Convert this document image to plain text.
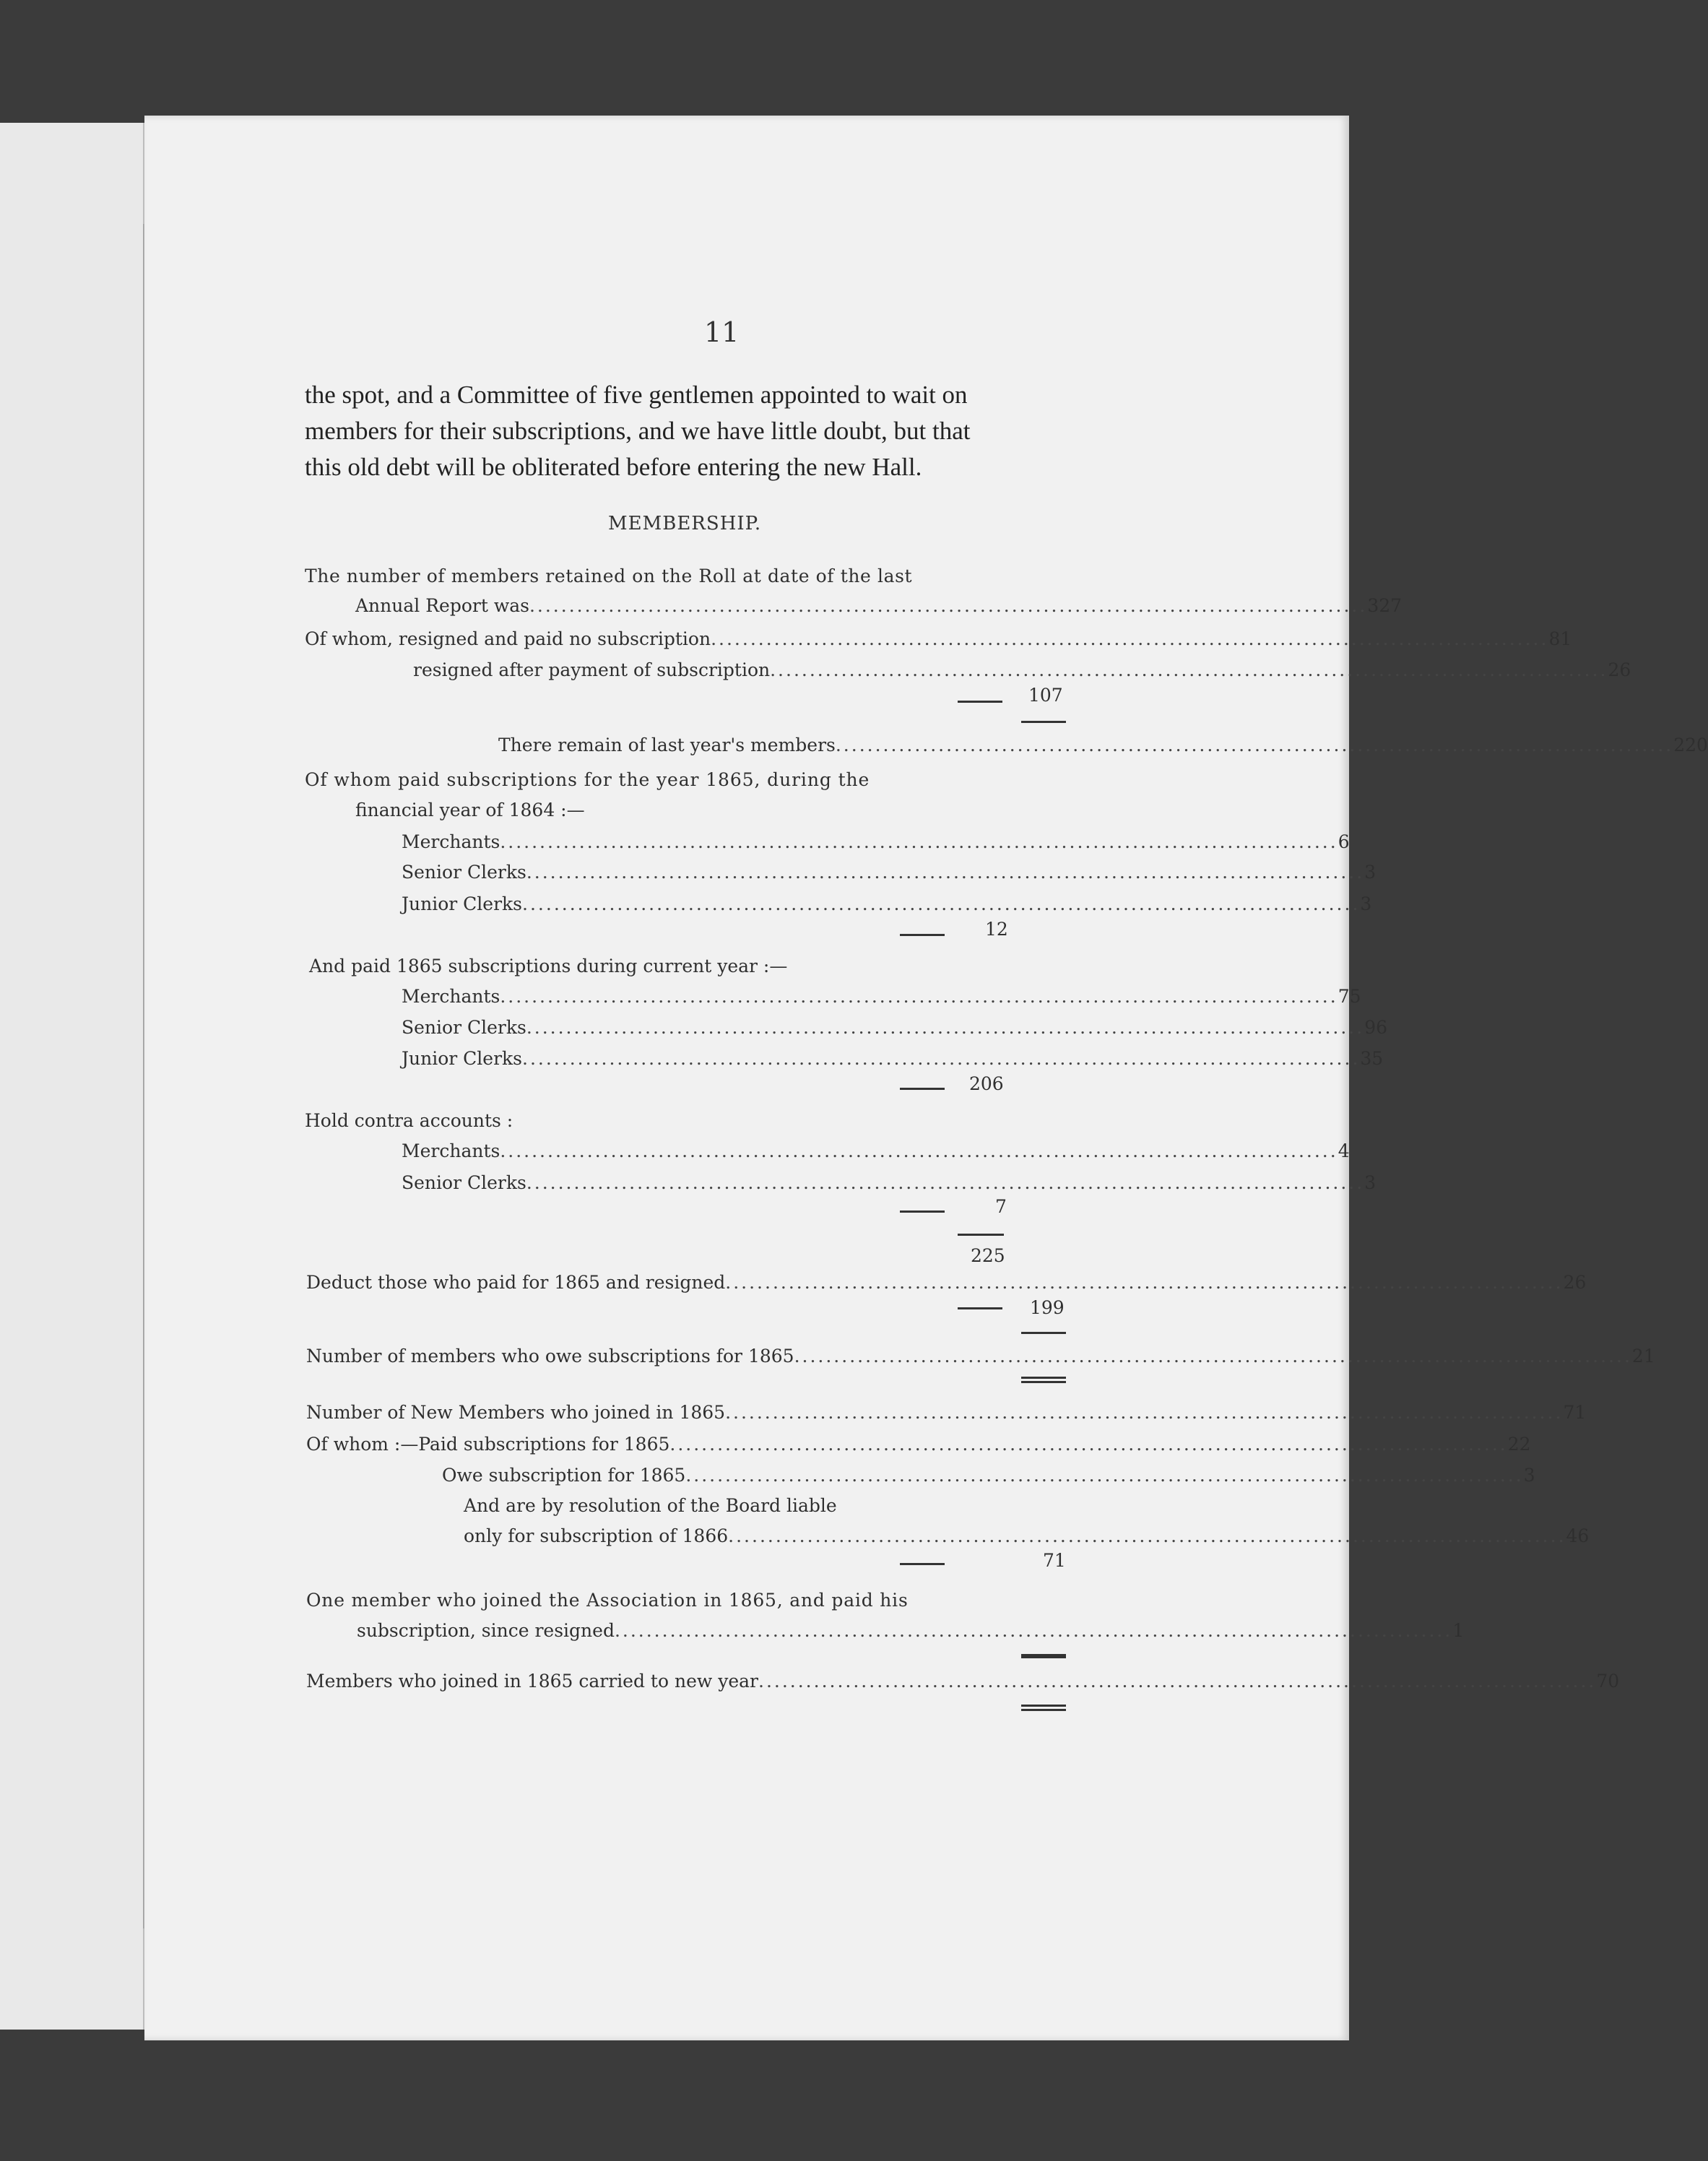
11
the spot, and a Committee of five gentlemen appointed to wait on
members for their subscriptions, and we have little doubt, but that
this old debt will be obliterated before entering the new Hall.
MEMBERSHIP.
The number of members retained on the Roll at date of the last
Annual Report was .......................................................................................................... 327
Of whom, resigned and paid no subscription .......................................................................................................... 81
resigned after payment of subscription .......................................................................................................... 26
107
There remain of last year's members .......................................................................................................... 220
Of whom paid subscriptions for the year 1865, during the
financial year of 1864 :—
Merchants .......................................................................................................... 6
Senior Clerks .......................................................................................................... 3
Junior Clerks .......................................................................................................... 3
12
And paid 1865 subscriptions during current year :—
Merchants .......................................................................................................... 75
Senior Clerks .......................................................................................................... 96
Junior Clerks .......................................................................................................... 35
206
Hold contra accounts :
Merchants .......................................................................................................... 4
Senior Clerks .......................................................................................................... 3
7
225
Deduct those who paid for 1865 and resigned .......................................................................................................... 26
199
Number of members who owe subscriptions for 1865 .......................................................................................................... 21
Number of New Members who joined in 1865 .......................................................................................................... 71
Of whom :—Paid subscriptions for 1865 .......................................................................................................... 22
Owe subscription for 1865 .......................................................................................................... 3
And are by resolution of the Board liable
only for subscription of 1866 .......................................................................................................... 46
71
One member who joined the Association in 1865, and paid his
subscription, since resigned .......................................................................................................... 1
Members who joined in 1865 carried to new year .......................................................................................................... 70
